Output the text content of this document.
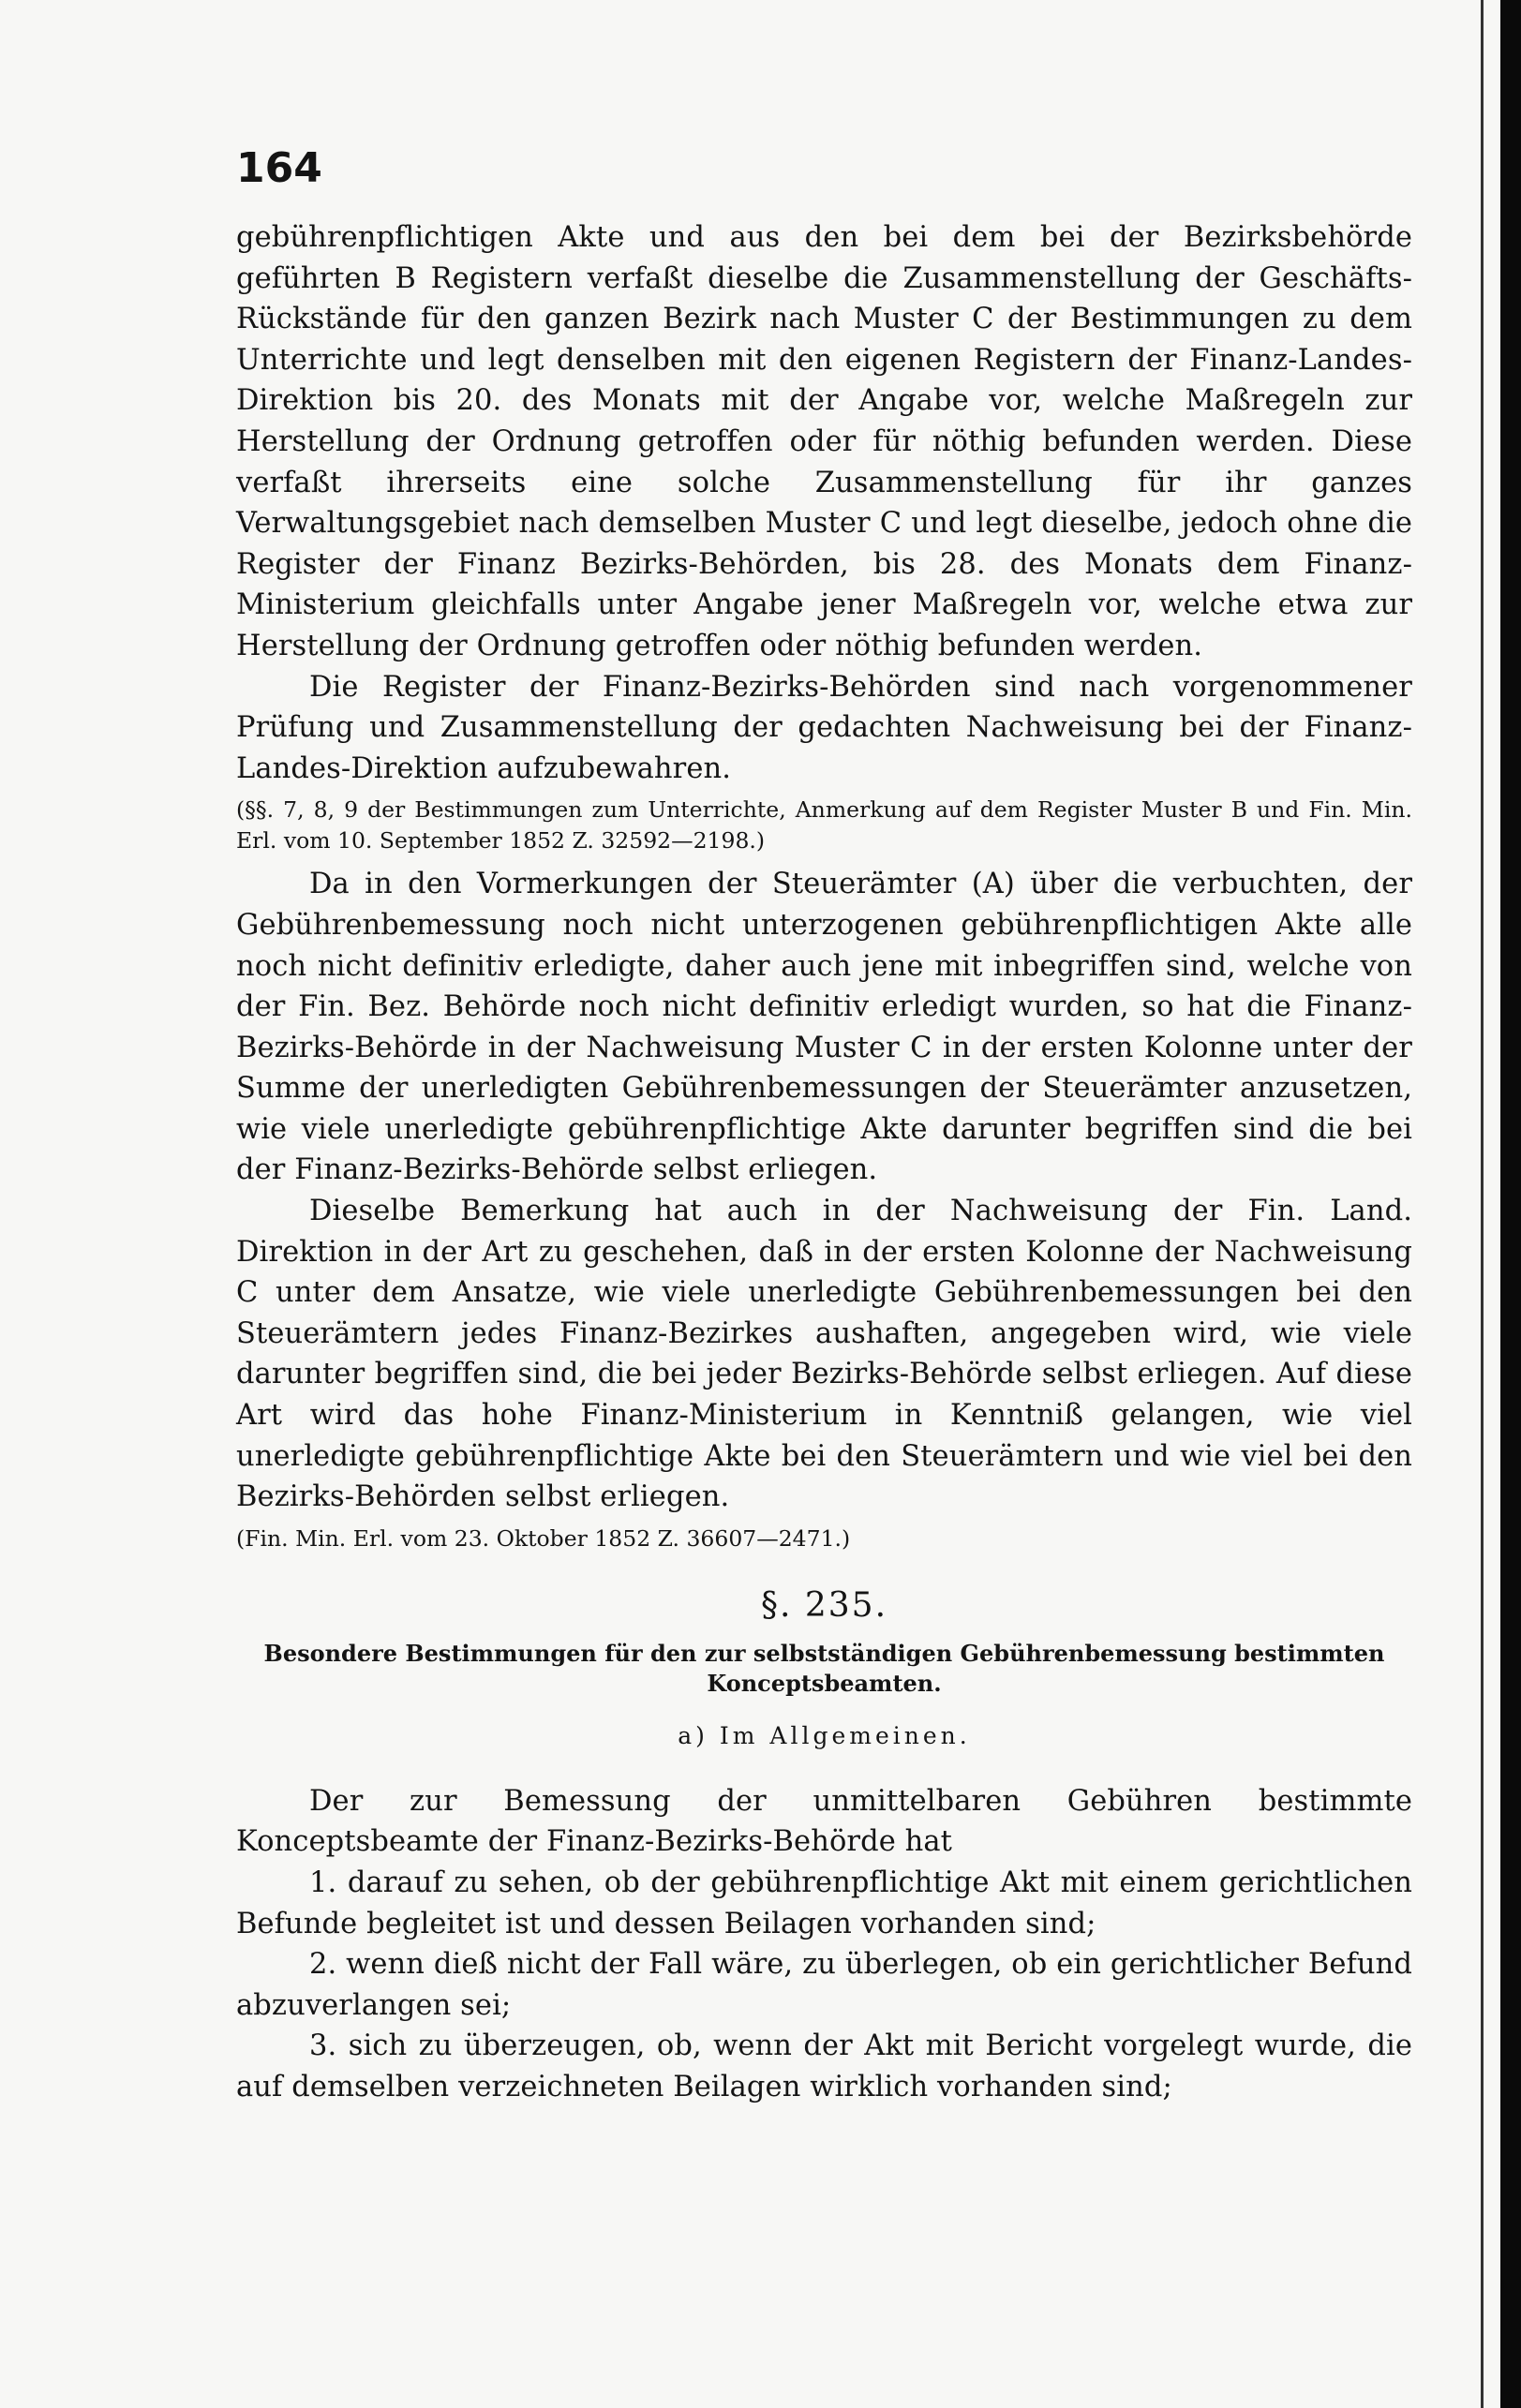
164

gebührenpflichtigen Akte und aus den bei dem bei der Bezirksbehörde geführten B Registern verfaßt dieselbe die Zusammenstellung der Geschäfts-Rückstände für den ganzen Bezirk nach Muster C der Bestimmungen zu dem Unterrichte und legt denselben mit den eigenen Registern der Finanz-Landes-Direktion bis 20. des Monats mit der Angabe vor, welche Maßregeln zur Herstellung der Ordnung getroffen oder für nöthig befunden werden. Diese verfaßt ihrerseits eine solche Zusammenstellung für ihr ganzes Verwaltungsgebiet nach demselben Muster C und legt dieselbe, jedoch ohne die Register der Finanz Bezirks-Behörden, bis 28. des Monats dem Finanz-Ministerium gleichfalls unter Angabe jener Maßregeln vor, welche etwa zur Herstellung der Ordnung getroffen oder nöthig befunden werden.

Die Register der Finanz-Bezirks-Behörden sind nach vorgenommener Prüfung und Zusammenstellung der gedachten Nachweisung bei der Finanz-Landes-Direktion aufzubewahren.

(§§. 7, 8, 9 der Bestimmungen zum Unterrichte, Anmerkung auf dem Register Muster B und Fin. Min. Erl. vom 10. September 1852 Z. 32592—2198.)

Da in den Vormerkungen der Steuerämter (A) über die verbuchten, der Gebührenbemessung noch nicht unterzogenen gebührenpflichtigen Akte alle noch nicht definitiv erledigte, daher auch jene mit inbegriffen sind, welche von der Fin. Bez. Behörde noch nicht definitiv erledigt wurden, so hat die Finanz-Bezirks-Behörde in der Nachweisung Muster C in der ersten Kolonne unter der Summe der unerledigten Gebührenbemessungen der Steuerämter anzusetzen, wie viele unerledigte gebührenpflichtige Akte darunter begriffen sind die bei der Finanz-Bezirks-Behörde selbst erliegen.

Dieselbe Bemerkung hat auch in der Nachweisung der Fin. Land. Direktion in der Art zu geschehen, daß in der ersten Kolonne der Nachweisung C unter dem Ansatze, wie viele unerledigte Gebührenbemessungen bei den Steuerämtern jedes Finanz-Bezirkes aushaften, angegeben wird, wie viele darunter begriffen sind, die bei jeder Bezirks-Behörde selbst erliegen. Auf diese Art wird das hohe Finanz-Ministerium in Kenntniß gelangen, wie viel unerledigte gebührenpflichtige Akte bei den Steuerämtern und wie viel bei den Bezirks-Behörden selbst erliegen.

(Fin. Min. Erl. vom 23. Oktober 1852 Z. 36607—2471.)

§. 235.
Besondere Bestimmungen für den zur selbstständigen Gebührenbemessung bestimmten Konceptsbeamten.
a) Im Allgemeinen.

Der zur Bemessung der unmittelbaren Gebühren bestimmte Konceptsbeamte der Finanz-Bezirks-Behörde hat

1. darauf zu sehen, ob der gebührenpflichtige Akt mit einem gerichtlichen Befunde begleitet ist und dessen Beilagen vorhanden sind;

2. wenn dieß nicht der Fall wäre, zu überlegen, ob ein gerichtlicher Befund abzuverlangen sei;

3. sich zu überzeugen, ob, wenn der Akt mit Bericht vorgelegt wurde, die auf demselben verzeichneten Beilagen wirklich vorhanden sind;
